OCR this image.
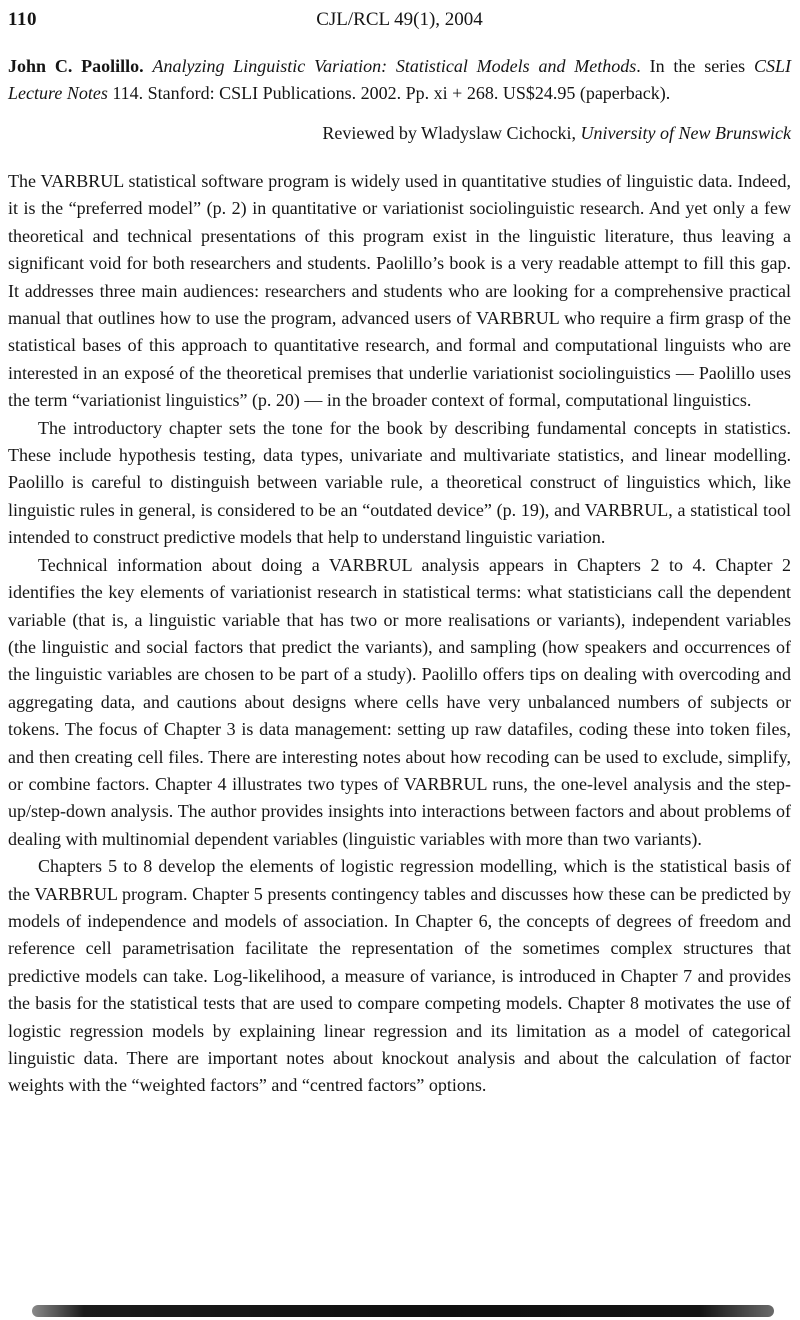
110	CJL/RCL 49(1), 2004

John C. Paolillo. Analyzing Linguistic Variation: Statistical Models and Methods. In the series CSLI Lecture Notes 114. Stanford: CSLI Publications. 2002. Pp. xi + 268. US$24.95 (paperback).

Reviewed by Wladyslaw Cichocki, University of New Brunswick

The VARBRUL statistical software program is widely used in quantitative studies of linguistic data. Indeed, it is the “preferred model” (p. 2) in quantitative or variationist sociolinguistic research. And yet only a few theoretical and technical presentations of this program exist in the linguistic literature, thus leaving a significant void for both researchers and students. Paolillo’s book is a very readable attempt to fill this gap. It addresses three main audiences: researchers and students who are looking for a comprehensive practical manual that outlines how to use the program, advanced users of VARBRUL who require a firm grasp of the statistical bases of this approach to quantitative research, and formal and computational linguists who are interested in an exposé of the theoretical premises that underlie variationist sociolinguistics — Paolillo uses the term “variationist linguistics” (p. 20) — in the broader context of formal, computational linguistics.

The introductory chapter sets the tone for the book by describing fundamental concepts in statistics. These include hypothesis testing, data types, univariate and multivariate statistics, and linear modelling. Paolillo is careful to distinguish between variable rule, a theoretical construct of linguistics which, like linguistic rules in general, is considered to be an “outdated device” (p. 19), and VARBRUL, a statistical tool intended to construct predictive models that help to understand linguistic variation.

Technical information about doing a VARBRUL analysis appears in Chapters 2 to 4. Chapter 2 identifies the key elements of variationist research in statistical terms: what statisticians call the dependent variable (that is, a linguistic variable that has two or more realisations or variants), independent variables (the linguistic and social factors that predict the variants), and sampling (how speakers and occurrences of the linguistic variables are chosen to be part of a study). Paolillo offers tips on dealing with overcoding and aggregating data, and cautions about designs where cells have very unbalanced numbers of subjects or tokens. The focus of Chapter 3 is data management: setting up raw datafiles, coding these into token files, and then creating cell files. There are interesting notes about how recoding can be used to exclude, simplify, or combine factors. Chapter 4 illustrates two types of VARBRUL runs, the one-level analysis and the step-up/step-down analysis. The author provides insights into interactions between factors and about problems of dealing with multinomial dependent variables (linguistic variables with more than two variants).

Chapters 5 to 8 develop the elements of logistic regression modelling, which is the statistical basis of the VARBRUL program. Chapter 5 presents contingency tables and discusses how these can be predicted by models of independence and models of association. In Chapter 6, the concepts of degrees of freedom and reference cell parametrisation facilitate the representation of the sometimes complex structures that predictive models can take. Log-likelihood, a measure of variance, is introduced in Chapter 7 and provides the basis for the statistical tests that are used to compare competing models. Chapter 8 motivates the use of logistic regression models by explaining linear regression and its limitation as a model of categorical linguistic data. There are important notes about knockout analysis and about the calculation of factor weights with the “weighted factors” and “centred factors” options.
